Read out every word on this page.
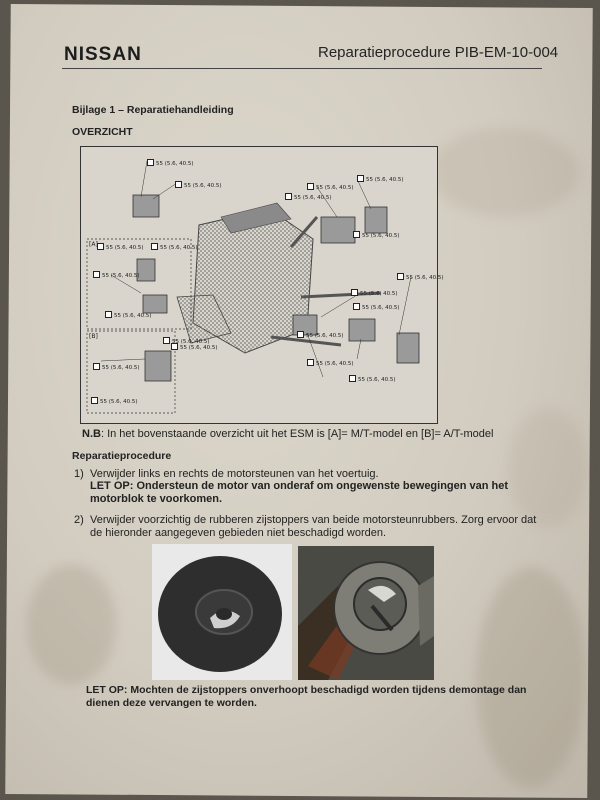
NISSAN	Reparatieprocedure PIB-EM-10-004
Bijlage 1 – Reparatiehandleiding
OVERZICHT
55 (5.6, 40.5)
55 (5.6, 40.5)	55 (5.6, 40.5)
55 (5.6, 40.5)
55 (5.6, 40.5)
55 (5.6, 40.5)
55 (5.6, 40.5)	55 (5.6, 40.5)
55 (5.6, 40.5)
55 (5.6, 40.5)
55 (5.6, 40.5)
55 (5.6, 40.5)
55 (5.6, 40.5)
55 (5.6, 40.5)
55 (5.6, 40.5)
55 (5.6, 40.5)
55 (5.6, 40.5)
55 (5.6, 40.5)
55 (5.6, 40.5)
55 (5.6, 40.5)
[A]
[B]
N.B: In het bovenstaande overzicht uit het ESM is [A]= M/T-model en [B]= A/T-model
Reparatieprocedure
1) Verwijder links en rechts de motorsteunen van het voertuig.
LET OP: Ondersteun de motor van onderaf om ongewenste bewegingen van het motorblok te voorkomen.
2) Verwijder voorzichtig de rubberen zijstoppers van beide motorsteunrubbers. Zorg ervoor dat de hieronder aangegeven gebieden niet beschadigd worden.
LET OP: Mochten de zijstoppers onverhoopt beschadigd worden tijdens demontage dan dienen deze vervangen te worden.
